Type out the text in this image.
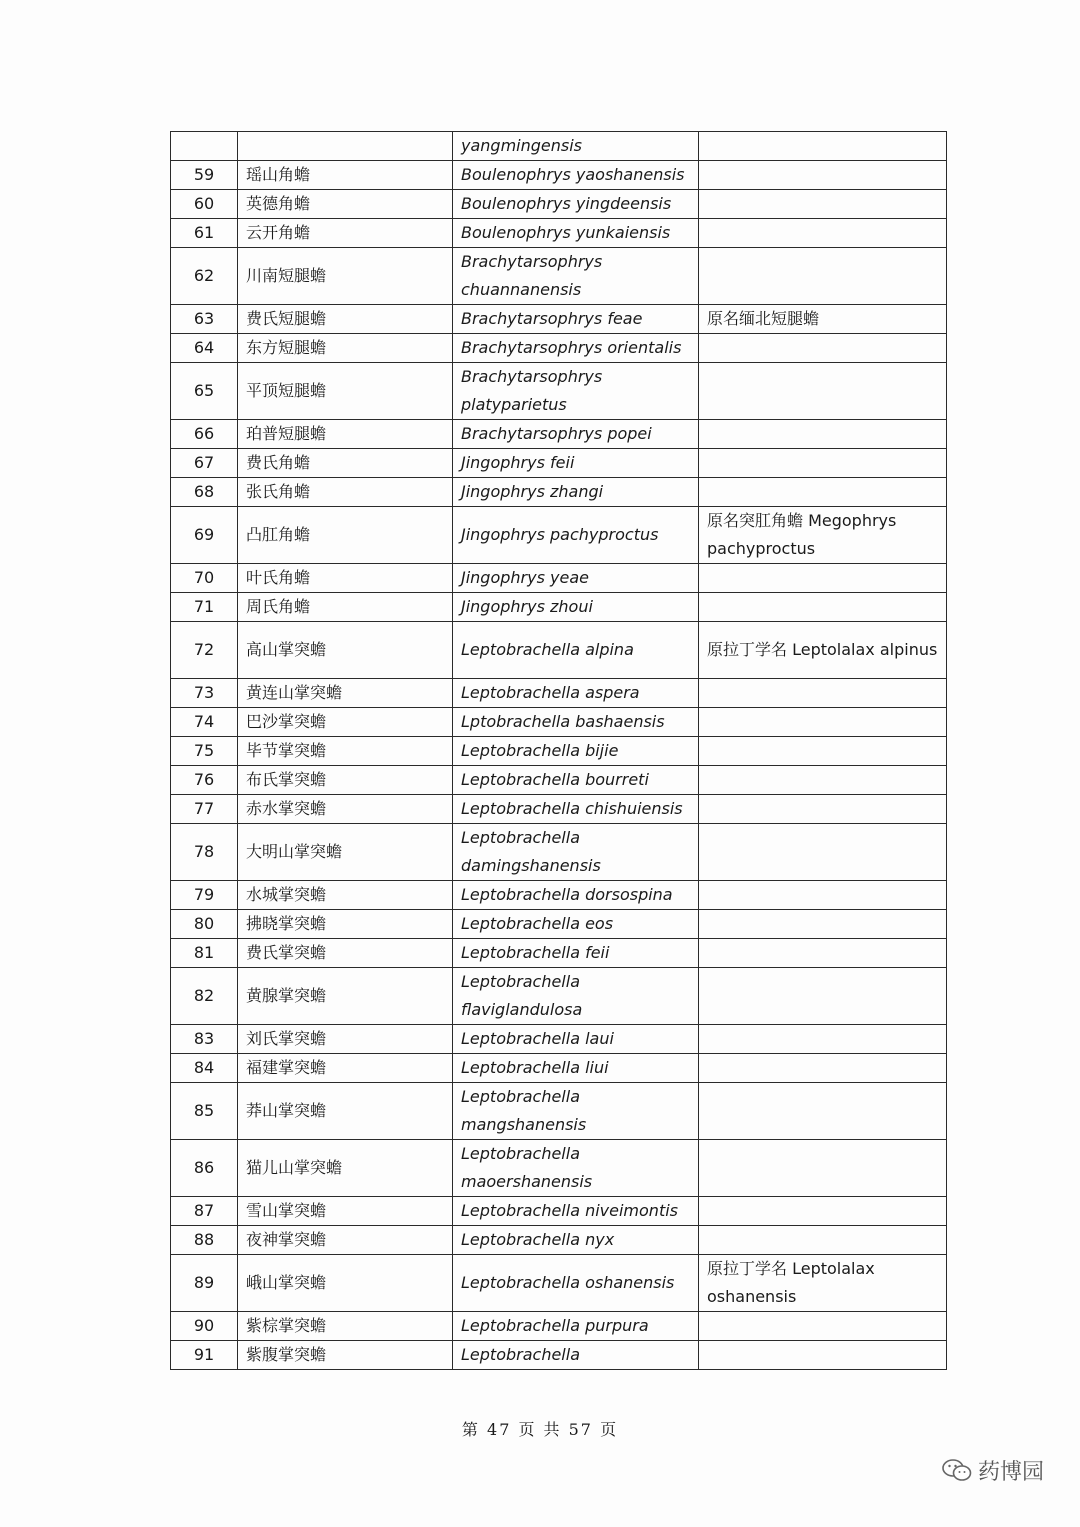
		yangmingensis	
59	瑶山角蟾	Boulenophrys yaoshanensis	
60	英德角蟾	Boulenophrys yingdeensis	
61	云开角蟾	Boulenophrys yunkaiensis	
62	川南短腿蟾	Brachytarsophrys chuannanensis	
63	费氏短腿蟾	Brachytarsophrys feae	原名缅北短腿蟾
64	东方短腿蟾	Brachytarsophrys orientalis	
65	平顶短腿蟾	Brachytarsophrys platyparietus	
66	珀普短腿蟾	Brachytarsophrys popei	
67	费氏角蟾	Jingophrys feii	
68	张氏角蟾	Jingophrys zhangi	
69	凸肛角蟾	Jingophrys pachyproctus	原名突肛角蟾 Megophrys pachyproctus
70	叶氏角蟾	Jingophrys yeae	
71	周氏角蟾	Jingophrys zhoui	
72	高山掌突蟾	Leptobrachella alpina	原拉丁学名 Leptolalax alpinus
73	黄连山掌突蟾	Leptobrachella aspera	
74	巴沙掌突蟾	Lptobrachella bashaensis	
75	毕节掌突蟾	Leptobrachella bijie	
76	布氏掌突蟾	Leptobrachella bourreti	
77	赤水掌突蟾	Leptobrachella chishuiensis	
78	大明山掌突蟾	Leptobrachella damingshanensis	
79	水城掌突蟾	Leptobrachella dorsospina	
80	拂晓掌突蟾	Leptobrachella eos	
81	费氏掌突蟾	Leptobrachella feii	
82	黄腺掌突蟾	Leptobrachella flaviglandulosa	
83	刘氏掌突蟾	Leptobrachella laui	
84	福建掌突蟾	Leptobrachella liui	
85	莽山掌突蟾	Leptobrachella mangshanensis	
86	猫儿山掌突蟾	Leptobrachella maoershanensis	
87	雪山掌突蟾	Leptobrachella niveimontis	
88	夜神掌突蟾	Leptobrachella nyx	
89	峨山掌突蟾	Leptobrachella oshanensis	原拉丁学名 Leptolalax oshanensis
90	紫棕掌突蟾	Leptobrachella purpura	
91	紫腹掌突蟾	Leptobrachella	
第 47 页 共 57 页
药博园
